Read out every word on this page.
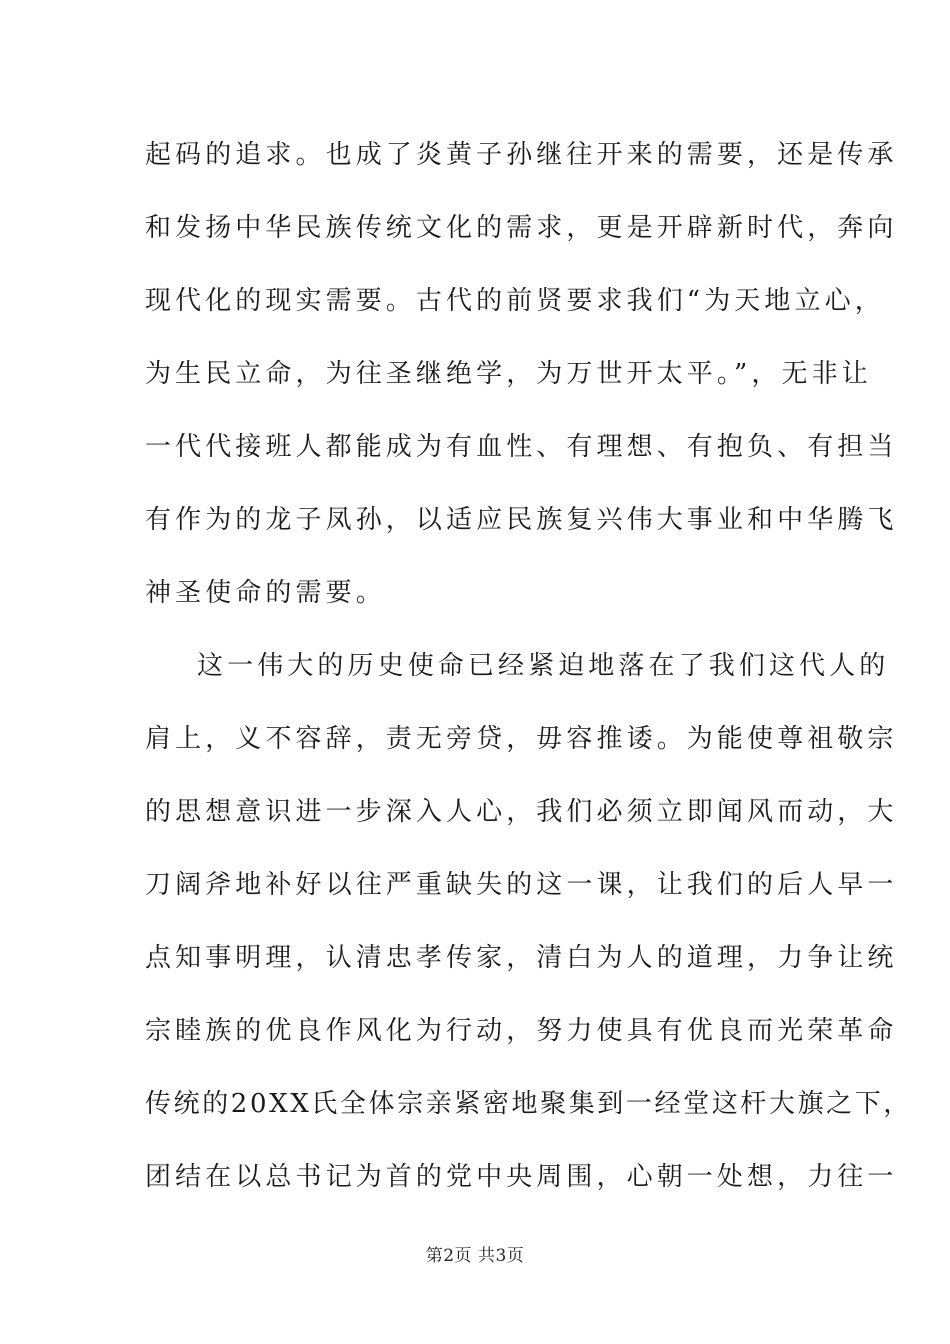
起码的追求。也成了炎黄子孙继往开来的需要，还是传承
和发扬中华民族传统文化的需求，更是开辟新时代，奔向
现代化的现实需要。古代的前贤要求我们“为天地立心，
为生民立命，为往圣继绝学，为万世开太平。”，无非让
一代代接班人都能成为有血性、有理想、有抱负、有担当
有作为的龙子凤孙，以适应民族复兴伟大事业和中华腾飞
神圣使命的需要。
这一伟大的历史使命已经紧迫地落在了我们这代人的
肩上，义不容辞，责无旁贷，毋容推诿。为能使尊祖敬宗
的思想意识进一步深入人心，我们必须立即闻风而动，大
刀阔斧地补好以往严重缺失的这一课，让我们的后人早一
点知事明理，认清忠孝传家，清白为人的道理，力争让统
宗睦族的优良作风化为行动，努力使具有优良而光荣革命
传统的20XX氏全体宗亲紧密地聚集到一经堂这杆大旗之下，
团结在以总书记为首的党中央周围，心朝一处想，力往一
第2页 共3页
